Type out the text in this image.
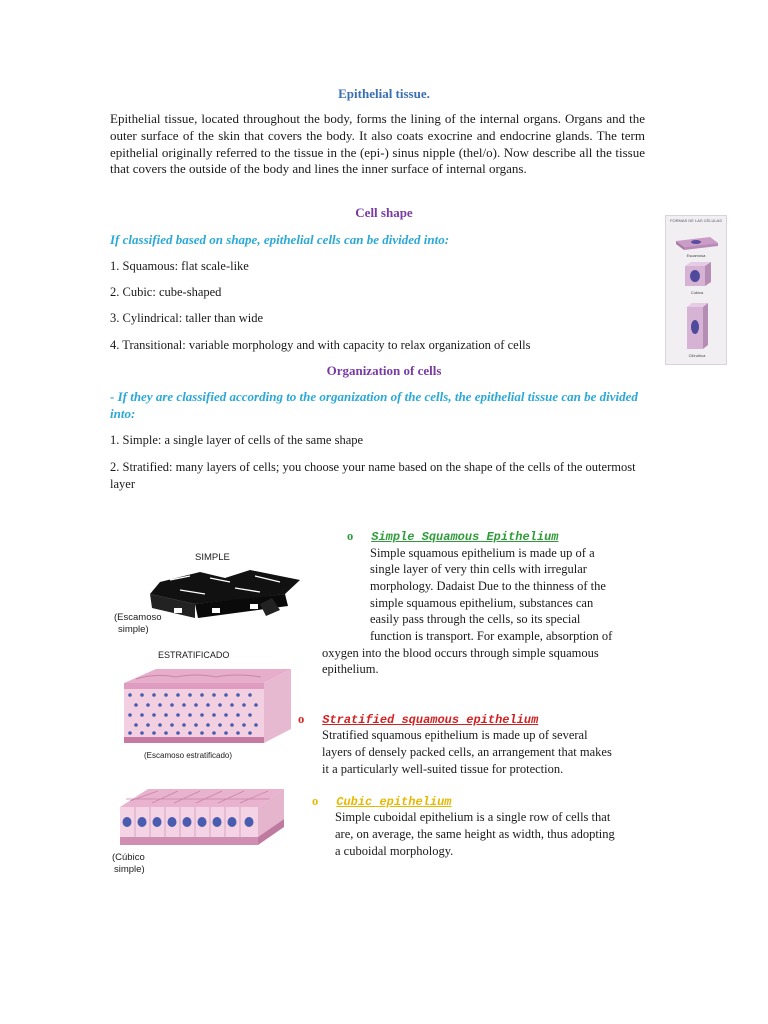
Epithelial tissue.
Epithelial tissue, located throughout the body, forms the lining of the internal organs. Organs and the outer surface of the skin that covers the body. It also coats exocrine and endocrine glands. The term epithelial originally referred to the tissue in the (epi-) sinus nipple (thel/o). Now describe all the tissue that covers the outside of the body and lines the inner surface of internal organs.
Cell shape
If classified based on shape, epithelial cells can be divided into:
1. Squamous: flat scale-like
2. Cubic: cube-shaped
3. Cylindrical: taller than wide
4. Transitional: variable morphology and with capacity to relax organization of cells
FORMAS DE LAS CÉLULAS
Escamosa
Cúbica
Cilíndrica
Organization of cells
- If they are classified according to the organization of the cells, the epithelial tissue can be divided into:
1. Simple: a single layer of cells of the same shape
2. Stratified: many layers of cells; you choose your name based on the shape of the cells of the outermost layer
SIMPLE
(Escamoso
simple)
ESTRATIFICADO
(Escamoso estratificado)
(Cúbico
simple)
o Simple Squamous Epithelium
Simple squamous epithelium is made up of a
single layer of very thin cells with irregular
morphology. Dadaist Due to the thinness of the
simple squamous epithelium, substances can
easily pass through the cells, so its special
function is transport. For example, absorption of
oxygen into the blood occurs through simple squamous
epithelium.
o Stratified squamous epithelium
Stratified squamous epithelium is made up of several
layers of densely packed cells, an arrangement that makes
it a particularly well-suited tissue for protection.
o Cubic epithelium
Simple cuboidal epithelium is a single row of cells that
are, on average, the same height as width, thus adopting
a cuboidal morphology.
